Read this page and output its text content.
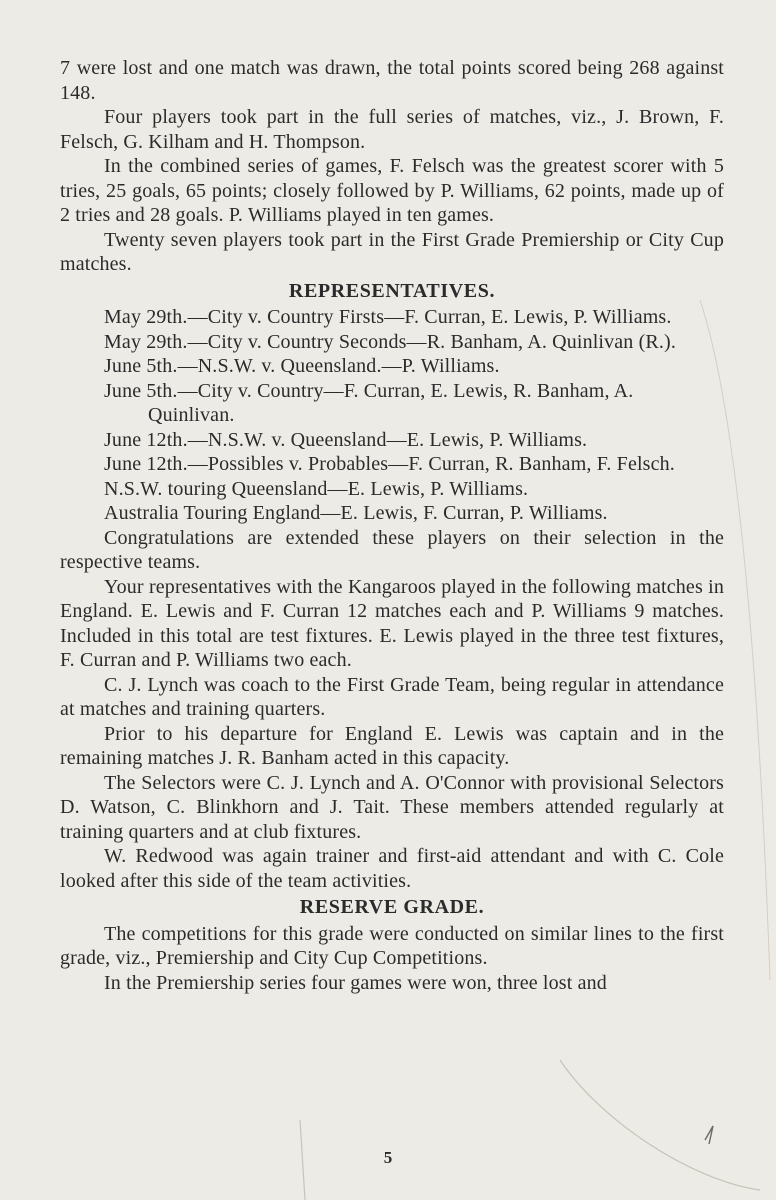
7 were lost and one match was drawn, the total points scored being 268 against 148.

Four players took part in the full series of matches, viz., J. Brown, F. Felsch, G. Kilham and H. Thompson.

In the combined series of games, F. Felsch was the greatest scorer with 5 tries, 25 goals, 65 points; closely followed by P. Williams, 62 points, made up of 2 tries and 28 goals. P. Williams played in ten games.

Twenty seven players took part in the First Grade Premiership or City Cup matches.

REPRESENTATIVES.

May 29th.—City v. Country Firsts—F. Curran, E. Lewis, P. Williams.

May 29th.—City v. Country Seconds—R. Banham, A. Quinlivan (R.).

June 5th.—N.S.W. v. Queensland.—P. Williams.

June 5th.—City v. Country—F. Curran, E. Lewis, R. Banham, A. Quinlivan.

June 12th.—N.S.W. v. Queensland—E. Lewis, P. Williams.

June 12th.—Possibles v. Probables—F. Curran, R. Banham, F. Felsch.

N.S.W. touring Queensland—E. Lewis, P. Williams.

Australia Touring England—E. Lewis, F. Curran, P. Williams.

Congratulations are extended these players on their selection in the respective teams.

Your representatives with the Kangaroos played in the following matches in England. E. Lewis and F. Curran 12 matches each and P. Williams 9 matches. Included in this total are test fixtures. E. Lewis played in the three test fixtures, F. Curran and P. Williams two each.

C. J. Lynch was coach to the First Grade Team, being regular in attendance at matches and training quarters.

Prior to his departure for England E. Lewis was captain and in the remaining matches J. R. Banham acted in this capacity.

The Selectors were C. J. Lynch and A. O'Connor with provisional Selectors D. Watson, C. Blinkhorn and J. Tait. These members attended regularly at training quarters and at club fixtures.

W. Redwood was again trainer and first-aid attendant and with C. Cole looked after this side of the team activities.

RESERVE GRADE.

The competitions for this grade were conducted on similar lines to the first grade, viz., Premiership and City Cup Competitions.

In the Premiership series four games were won, three lost and

5
